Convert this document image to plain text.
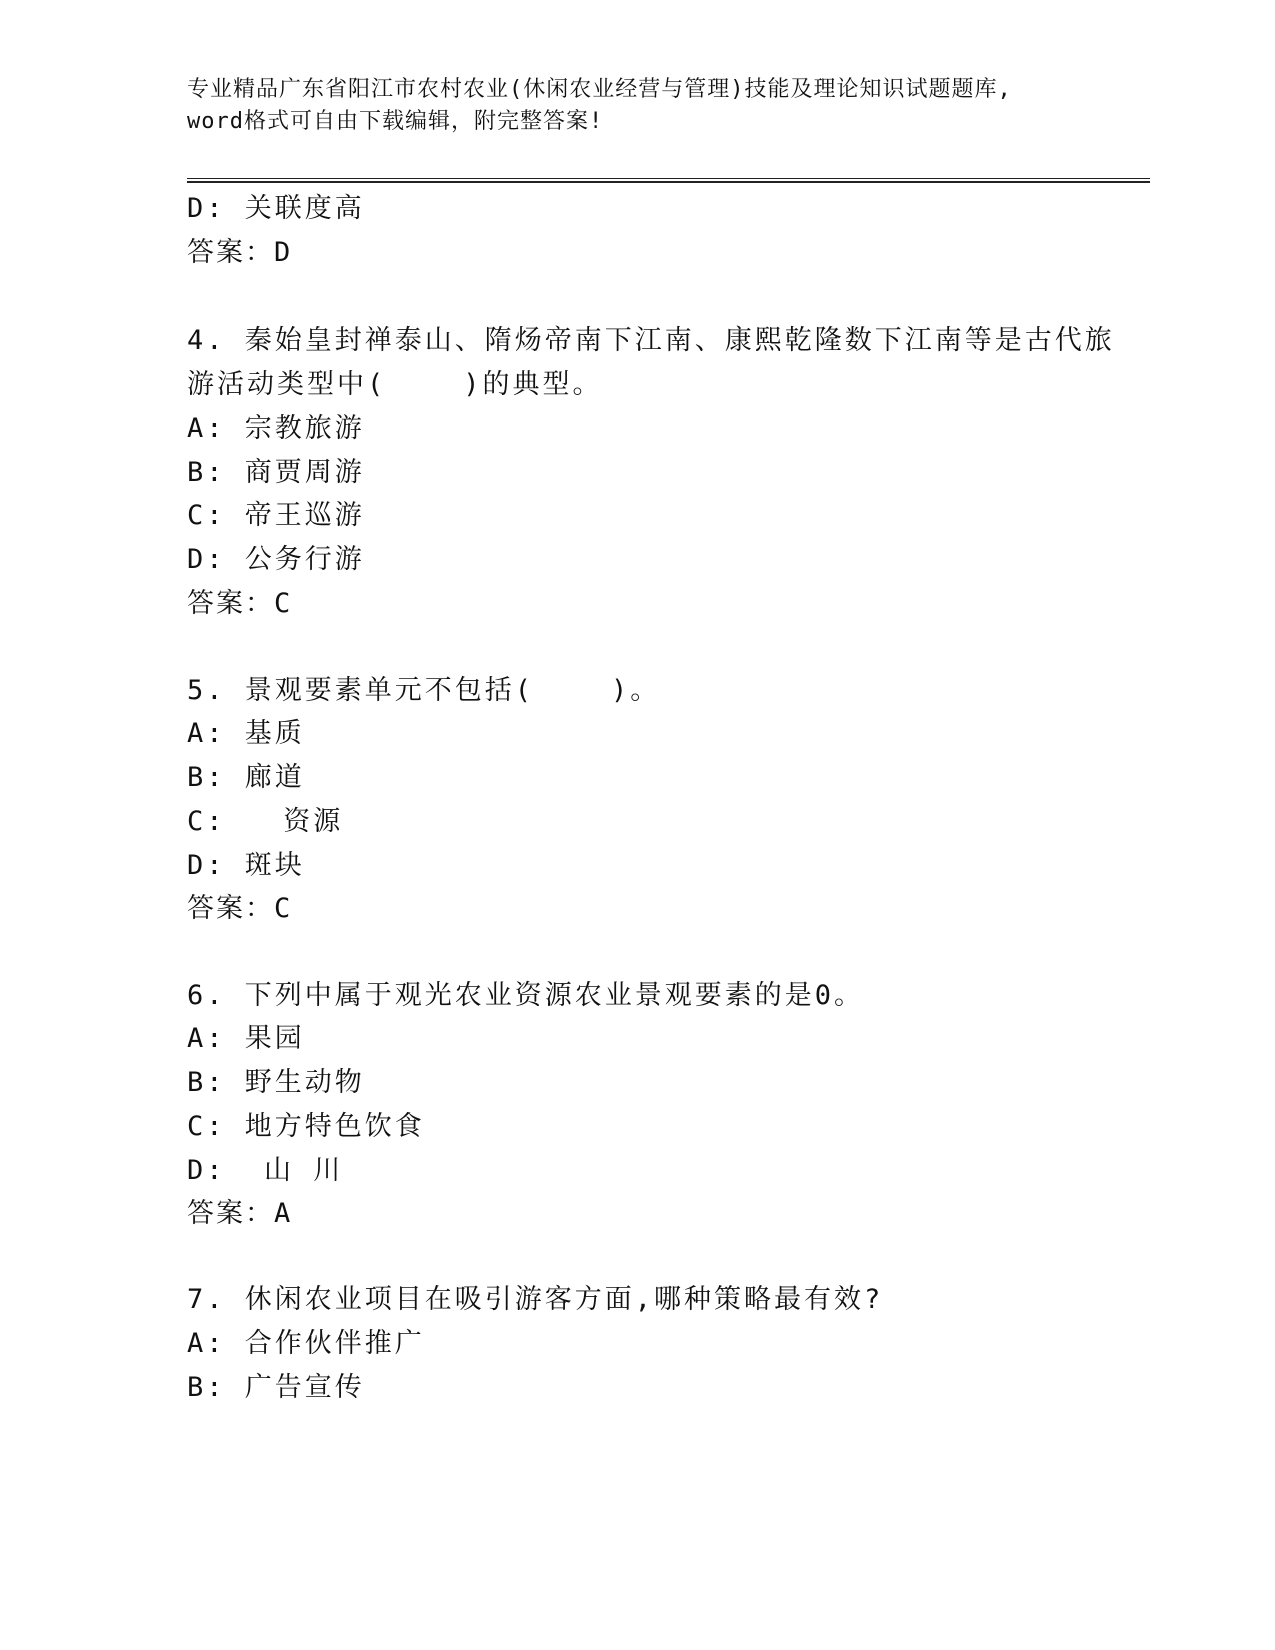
专业精品广东省阳江市农村农业(休闲农业经营与管理)技能及理论知识试题题库,
word格式可自由下载编辑，附完整答案!
D: 关联度高
答案：D
4. 秦始皇封禅泰山、隋炀帝南下江南、康熙乾隆数下江南等是古代旅
游活动类型中(    )的典型。
A: 宗教旅游
B: 商贾周游
C: 帝王巡游
D: 公务行游
答案：C
5. 景观要素单元不包括(    )。
A: 基质
B: 廊道
C:   资源
D: 斑块
答案：C
6. 下列中属于观光农业资源农业景观要素的是0。
A: 果园
B: 野生动物
C: 地方特色饮食
D:  山 川
答案：A
7. 休闲农业项目在吸引游客方面,哪种策略最有效?
A: 合作伙伴推广
B: 广告宣传
